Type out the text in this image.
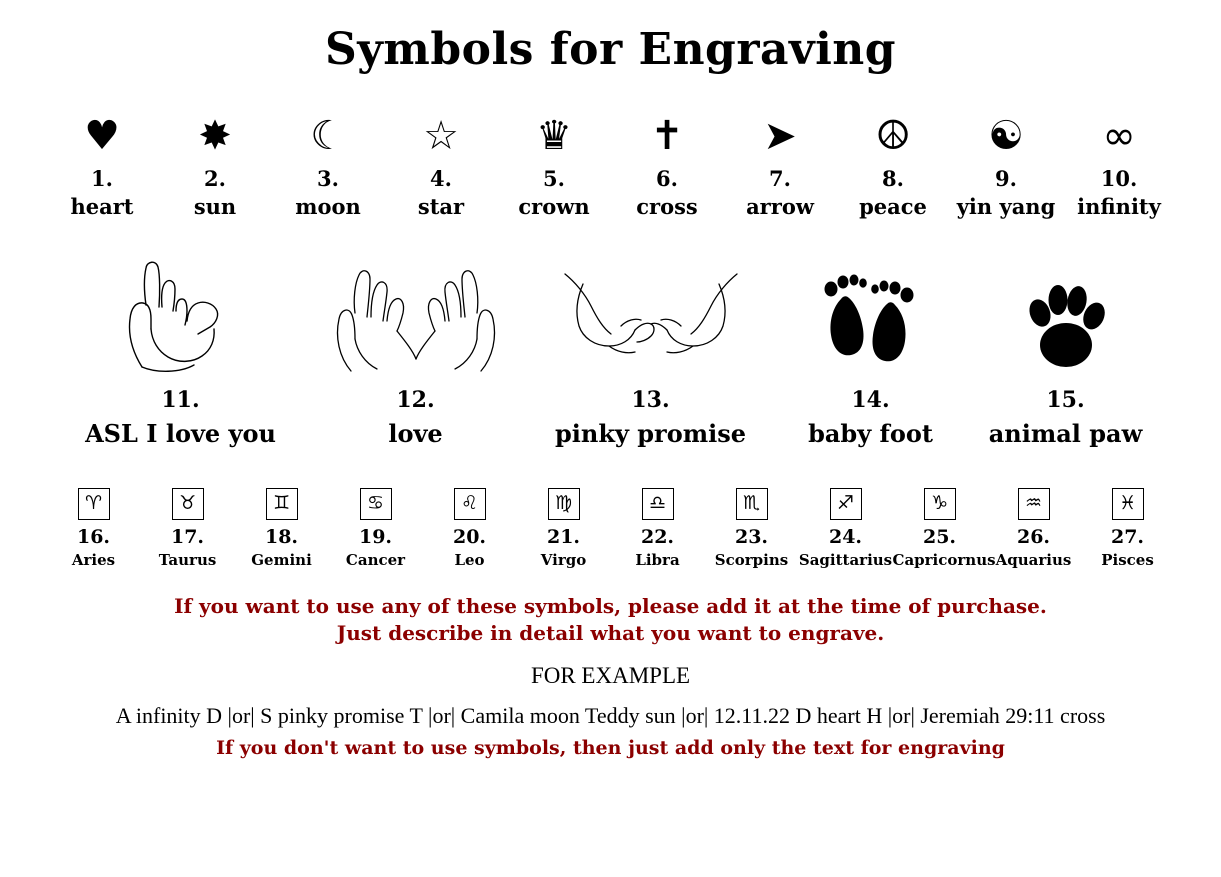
Symbols for Engraving
♥
1.
heart
✸
2.
sun
☾
3.
moon
☆
4.
star
♛
5.
crown
✝
6.
cross
➤
7.
arrow
☮
8.
peace
☯
9.
yin yang
∞
10.
infinity
11.
ASL I love you
12.
love
13.
pinky promise
14.
baby foot
15.
animal paw
♈
16.
Aries
♉
17.
Taurus
♊
18.
Gemini
♋
19.
Cancer
♌
20.
Leo
♍
21.
Virgo
♎
22.
Libra
♏
23.
Scorpins
♐
24.
Sagittarius
♑
25.
Capricornus
♒
26.
Aquarius
♓
27.
Pisces
If you want to use any of these symbols, please add it at the time of purchase.
Just describe in detail what you want to engrave.
FOR EXAMPLE
A infinity D |or| S pinky promise T |or| Camila moon Teddy sun |or| 12.11.22 D heart H |or| Jeremiah 29:11 cross
If you don't want to use symbols, then just add only the text for engraving
